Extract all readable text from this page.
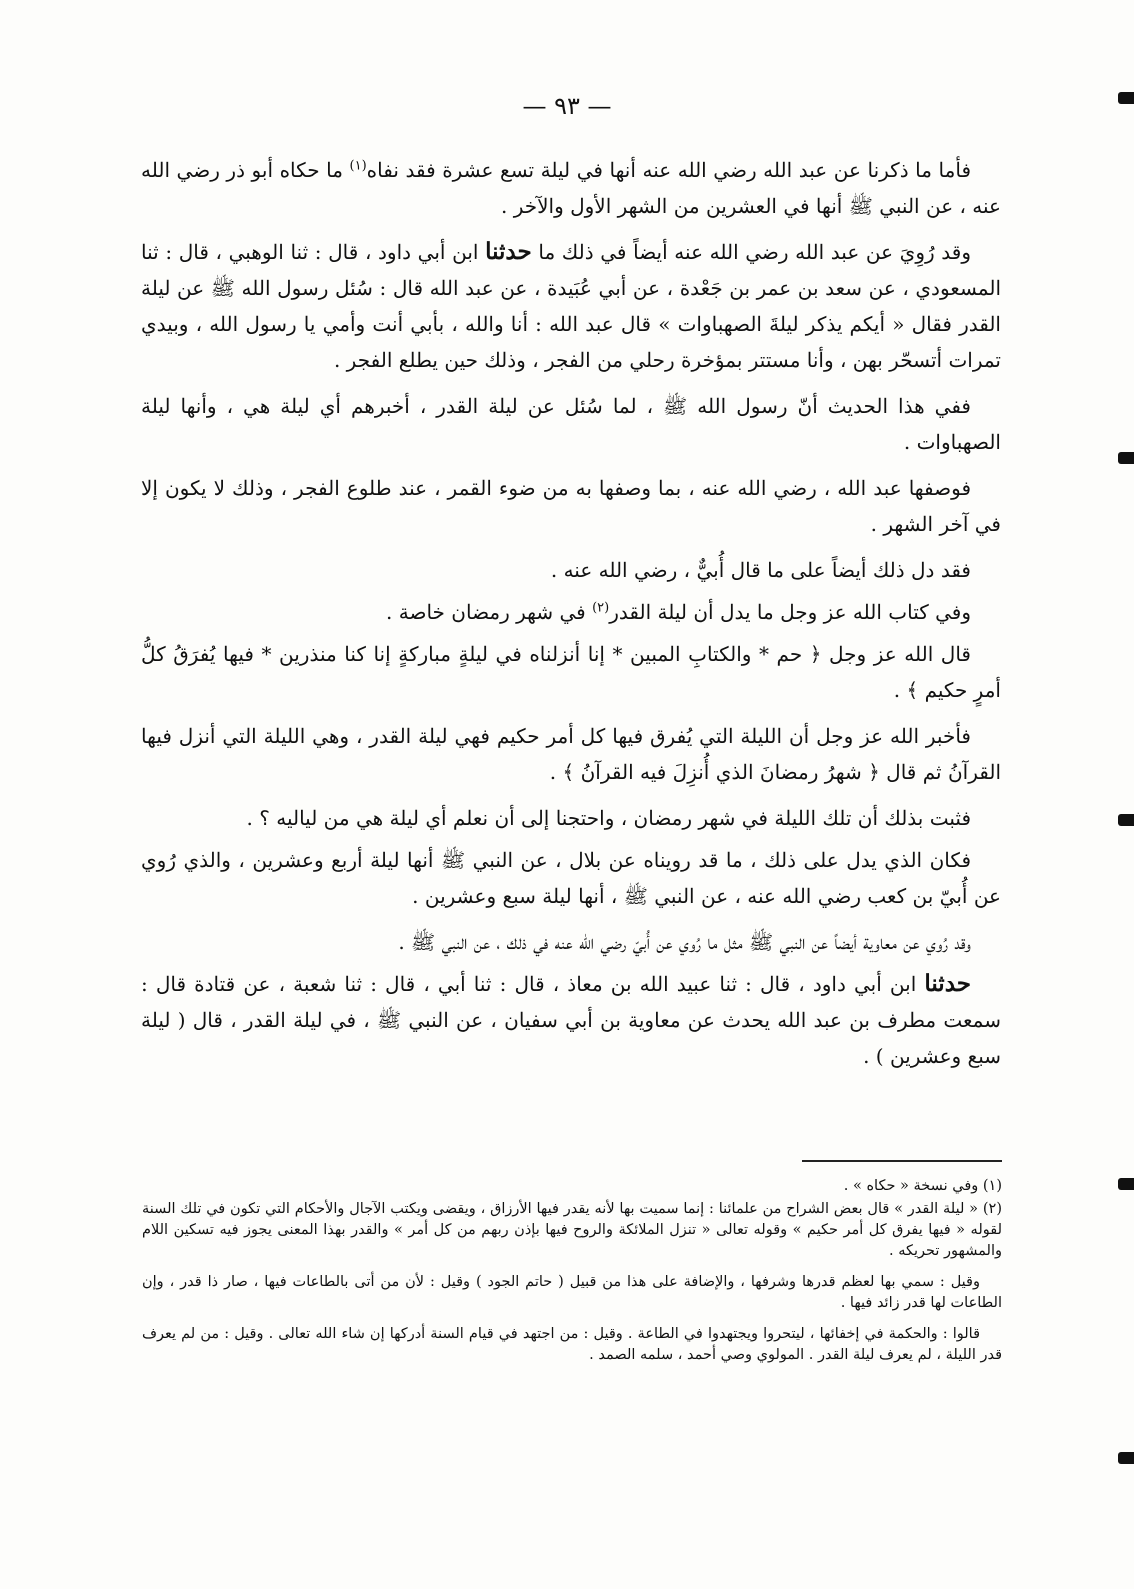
— ٩٣ —

فأما ما ذكرنا عن عبد الله رضي الله عنه أنها في ليلة تسع عشرة فقد نفاه$^{(١)}$ ما حكاه أبو ذر رضي الله عنه ، عن النبي ﷺ أنها في العشرين من الشهر الأول والآخر .

وقد رُوِيَ عن عبد الله رضي الله عنه أيضاً في ذلك ما حدثنا ابن أبي داود ، قال : ثنا الوهبي ، قال : ثنا المسعودي ، عن سعد بن عمر بن جَعْدة ، عن أبي عُبَيدة ، عن عبد الله قال : سُئل رسول الله ﷺ عن ليلة القدر فقال « أيكم يذكر ليلةَ الصهباوات » قال عبد الله : أنا والله ، بأبي أنت وأمي يا رسول الله ، وبيدي تمرات أتسحّر بهن ، وأنا مستتر بمؤخرة رحلي من الفجر ، وذلك حين يطلع الفجر .

ففي هذا الحديث أنّ رسول الله ﷺ ، لما سُئل عن ليلة القدر ، أخبرهم أي ليلة هي ، وأنها ليلة الصهباوات .

فوصفها عبد الله ، رضي الله عنه ، بما وصفها به من ضوء القمر ، عند طلوع الفجر ، وذلك لا يكون إلا في آخر الشهر .

فقد دل ذلك أيضاً على ما قال أُبيٌّ ، رضي الله عنه .

وفي كتاب الله عز وجل ما يدل أن ليلة القدر$^{(٢)}$ في شهر رمضان خاصة .

قال الله عز وجل ﴿ حم * والكتابِ المبين * إنا أنزلناه في ليلةٍ مباركةٍ إنا كنا منذرين * فيها يُفرَقُ كلُّ أمرٍ حكيم ﴾ .

فأخبر الله عز وجل أن الليلة التي يُفرق فيها كل أمر حكيم فهي ليلة القدر ، وهي الليلة التي أنزل فيها القرآنُ ثم قال ﴿ شهرُ رمضانَ الذي أُنزِلَ فيه القرآنُ ﴾ .

فثبت بذلك أن تلك الليلة في شهر رمضان ، واحتجنا إلى أن نعلم أي ليلة هي من لياليه ؟ .

فكان الذي يدل على ذلك ، ما قد رويناه عن بلال ، عن النبي ﷺ أنها ليلة أربع وعشرين ، والذي رُوي عن أُبيّ بن كعب رضي الله عنه ، عن النبي ﷺ ، أنها ليلة سبع وعشرين .

وقد رُوي عن معاوية أيضاً عن النبي ﷺ مثل ما رُوي عن أُبيّ رضي الله عنه في ذلك ، عن النبي ﷺ .

حدثنا ابن أبي داود ، قال : ثنا عبيد الله بن معاذ ، قال : ثنا أبي ، قال : ثنا شعبة ، عن قتادة قال : سمعت مطرف بن عبد الله يحدث عن معاوية بن أبي سفيان ، عن النبي ﷺ ، في ليلة القدر ، قال ( ليلة سبع وعشرين ) .

(١) وفي نسخة « حكاه » .

(٢) « ليلة القدر » قال بعض الشراح من علمائنا : إنما سميت بها لأنه يقدر فيها الأرزاق ، ويقضى ويكتب الآجال والأحكام التي تكون في تلك السنة لقوله « فيها يفرق كل أمر حكيم » وقوله تعالى « تنزل الملائكة والروح فيها بإذن ربهم من كل أمر » والقدر بهذا المعنى يجوز فيه تسكين اللام والمشهور تحريكه .

وقيل : سمي بها لعظم قدرها وشرفها ، والإضافة على هذا من قبيل ( حاتم الجود ) وقيل : لأن من أتى بالطاعات فيها ، صار ذا قدر ، وإن الطاعات لها قدر زائد فيها .

قالوا : والحكمة في إخفائها ، ليتحروا ويجتهدوا في الطاعة . وقيل : من اجتهد في قيام السنة أدركها إن شاء الله تعالى . وقيل : من لم يعرف قدر الليلة ، لم يعرف ليلة القدر . المولوي وصي أحمد ، سلمه الصمد .
